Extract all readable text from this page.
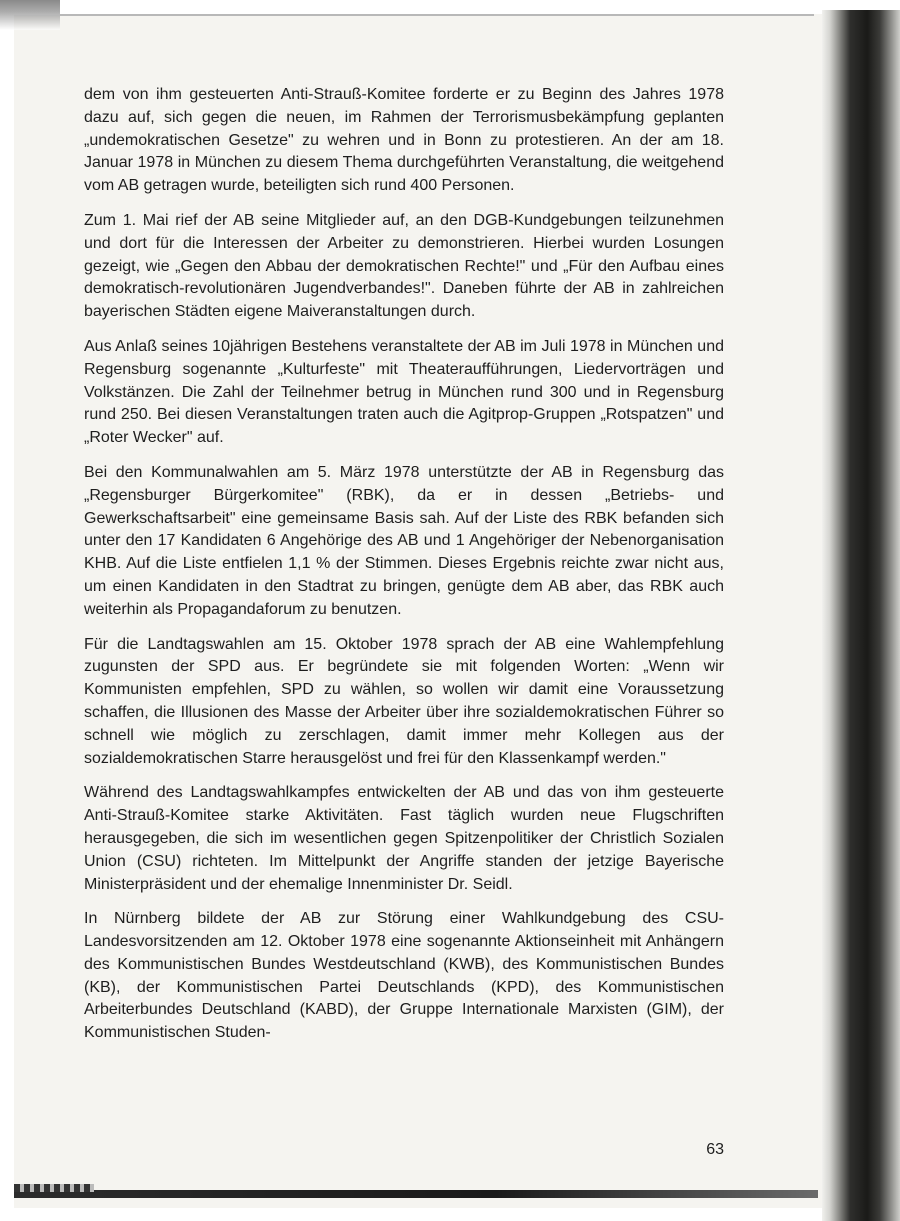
dem von ihm gesteuerten Anti-Strauß-Komitee forderte er zu Beginn des Jahres 1978 dazu auf, sich gegen die neuen, im Rahmen der Terrorismusbekämpfung geplanten „undemokratischen Gesetze" zu wehren und in Bonn zu protestieren. An der am 18. Januar 1978 in München zu diesem Thema durchgeführten Veranstaltung, die weitgehend vom AB getragen wurde, beteiligten sich rund 400 Personen.

Zum 1. Mai rief der AB seine Mitglieder auf, an den DGB-Kundgebungen teilzunehmen und dort für die Interessen der Arbeiter zu demonstrieren. Hierbei wurden Losungen gezeigt, wie „Gegen den Abbau der demokratischen Rechte!" und „Für den Aufbau eines demokratisch-revolutionären Jugendverbandes!". Daneben führte der AB in zahlreichen bayerischen Städten eigene Maiveranstaltungen durch.

Aus Anlaß seines 10jährigen Bestehens veranstaltete der AB im Juli 1978 in München und Regensburg sogenannte „Kulturfeste" mit Theateraufführungen, Liedervorträgen und Volkstänzen. Die Zahl der Teilnehmer betrug in München rund 300 und in Regensburg rund 250. Bei diesen Veranstaltungen traten auch die Agitprop-Gruppen „Rotspatzen" und „Roter Wecker" auf.

Bei den Kommunalwahlen am 5. März 1978 unterstützte der AB in Regensburg das „Regensburger Bürgerkomitee" (RBK), da er in dessen „Betriebs- und Gewerkschaftsarbeit" eine gemeinsame Basis sah. Auf der Liste des RBK befanden sich unter den 17 Kandidaten 6 Angehörige des AB und 1 Angehöriger der Nebenorganisation KHB. Auf die Liste entfielen 1,1 % der Stimmen. Dieses Ergebnis reichte zwar nicht aus, um einen Kandidaten in den Stadtrat zu bringen, genügte dem AB aber, das RBK auch weiterhin als Propagandaforum zu benutzen.

Für die Landtagswahlen am 15. Oktober 1978 sprach der AB eine Wahlempfehlung zugunsten der SPD aus. Er begründete sie mit folgenden Worten: „Wenn wir Kommunisten empfehlen, SPD zu wählen, so wollen wir damit eine Voraussetzung schaffen, die Illusionen des Masse der Arbeiter über ihre sozialdemokratischen Führer so schnell wie möglich zu zerschlagen, damit immer mehr Kollegen aus der sozialdemokratischen Starre herausgelöst und frei für den Klassenkampf werden."

Während des Landtagswahlkampfes entwickelten der AB und das von ihm gesteuerte Anti-Strauß-Komitee starke Aktivitäten. Fast täglich wurden neue Flugschriften herausgegeben, die sich im wesentlichen gegen Spitzenpolitiker der Christlich Sozialen Union (CSU) richteten. Im Mittelpunkt der Angriffe standen der jetzige Bayerische Ministerpräsident und der ehemalige Innenminister Dr. Seidl.

In Nürnberg bildete der AB zur Störung einer Wahlkundgebung des CSU-Landesvorsitzenden am 12. Oktober 1978 eine sogenannte Aktionseinheit mit Anhängern des Kommunistischen Bundes Westdeutschland (KWB), des Kommunistischen Bundes (KB), der Kommunistischen Partei Deutschlands (KPD), des Kommunistischen Arbeiterbundes Deutschland (KABD), der Gruppe Internationale Marxisten (GIM), der Kommunistischen Studen-

63
